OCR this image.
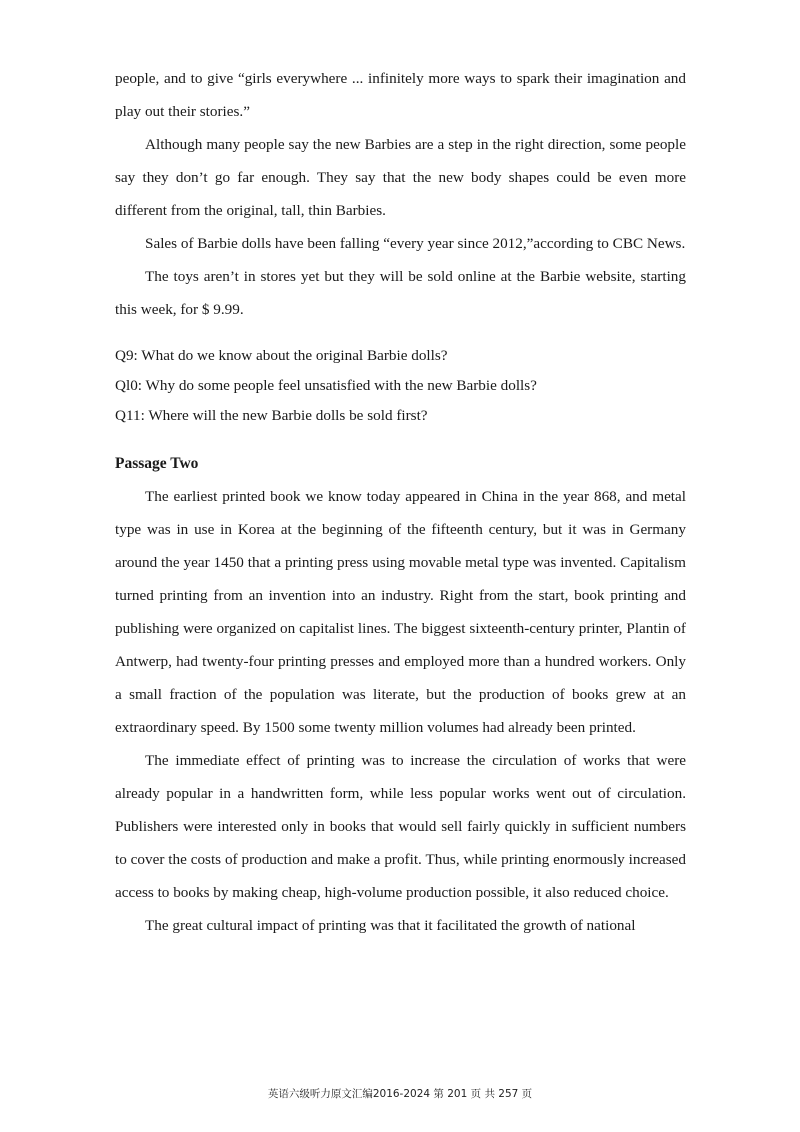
people, and to give “girls everywhere ... infinitely more ways to spark their imagination and play out their stories.”

Although many people say the new Barbies are a step in the right direction, some people say they don’t go far enough. They say that the new body shapes could be even more different from the original, tall, thin Barbies.

Sales of Barbie dolls have been falling “every year since 2012,”according to CBC News.

The toys aren’t in stores yet but they will be sold online at the Barbie website, starting this week, for $ 9.99.

Q9: What do we know about the original Barbie dolls?

Ql0: Why do some people feel unsatisfied with the new Barbie dolls?

Q11: Where will the new Barbie dolls be sold first?

Passage Two

The earliest printed book we know today appeared in China in the year 868, and metal type was in use in Korea at the beginning of the fifteenth century, but it was in Germany around the year 1450 that a printing press using movable metal type was invented. Capitalism turned printing from an invention into an industry. Right from the start, book printing and publishing were organized on capitalist lines. The biggest sixteenth-century printer, Plantin of Antwerp, had twenty-four printing presses and employed more than a hundred workers. Only a small fraction of the population was literate, but the production of books grew at an extraordinary speed. By 1500 some twenty million volumes had already been printed.

The immediate effect of printing was to increase the circulation of works that were already popular in a handwritten form, while less popular works went out of circulation. Publishers were interested only in books that would sell fairly quickly in sufficient numbers to cover the costs of production and make a profit. Thus, while printing enormously increased access to books by making cheap, high-volume production possible, it also reduced choice.

The great cultural impact of printing was that it facilitated the growth of national

英语六级听力原文汇编2016-2024 第 201 页 共 257 页
